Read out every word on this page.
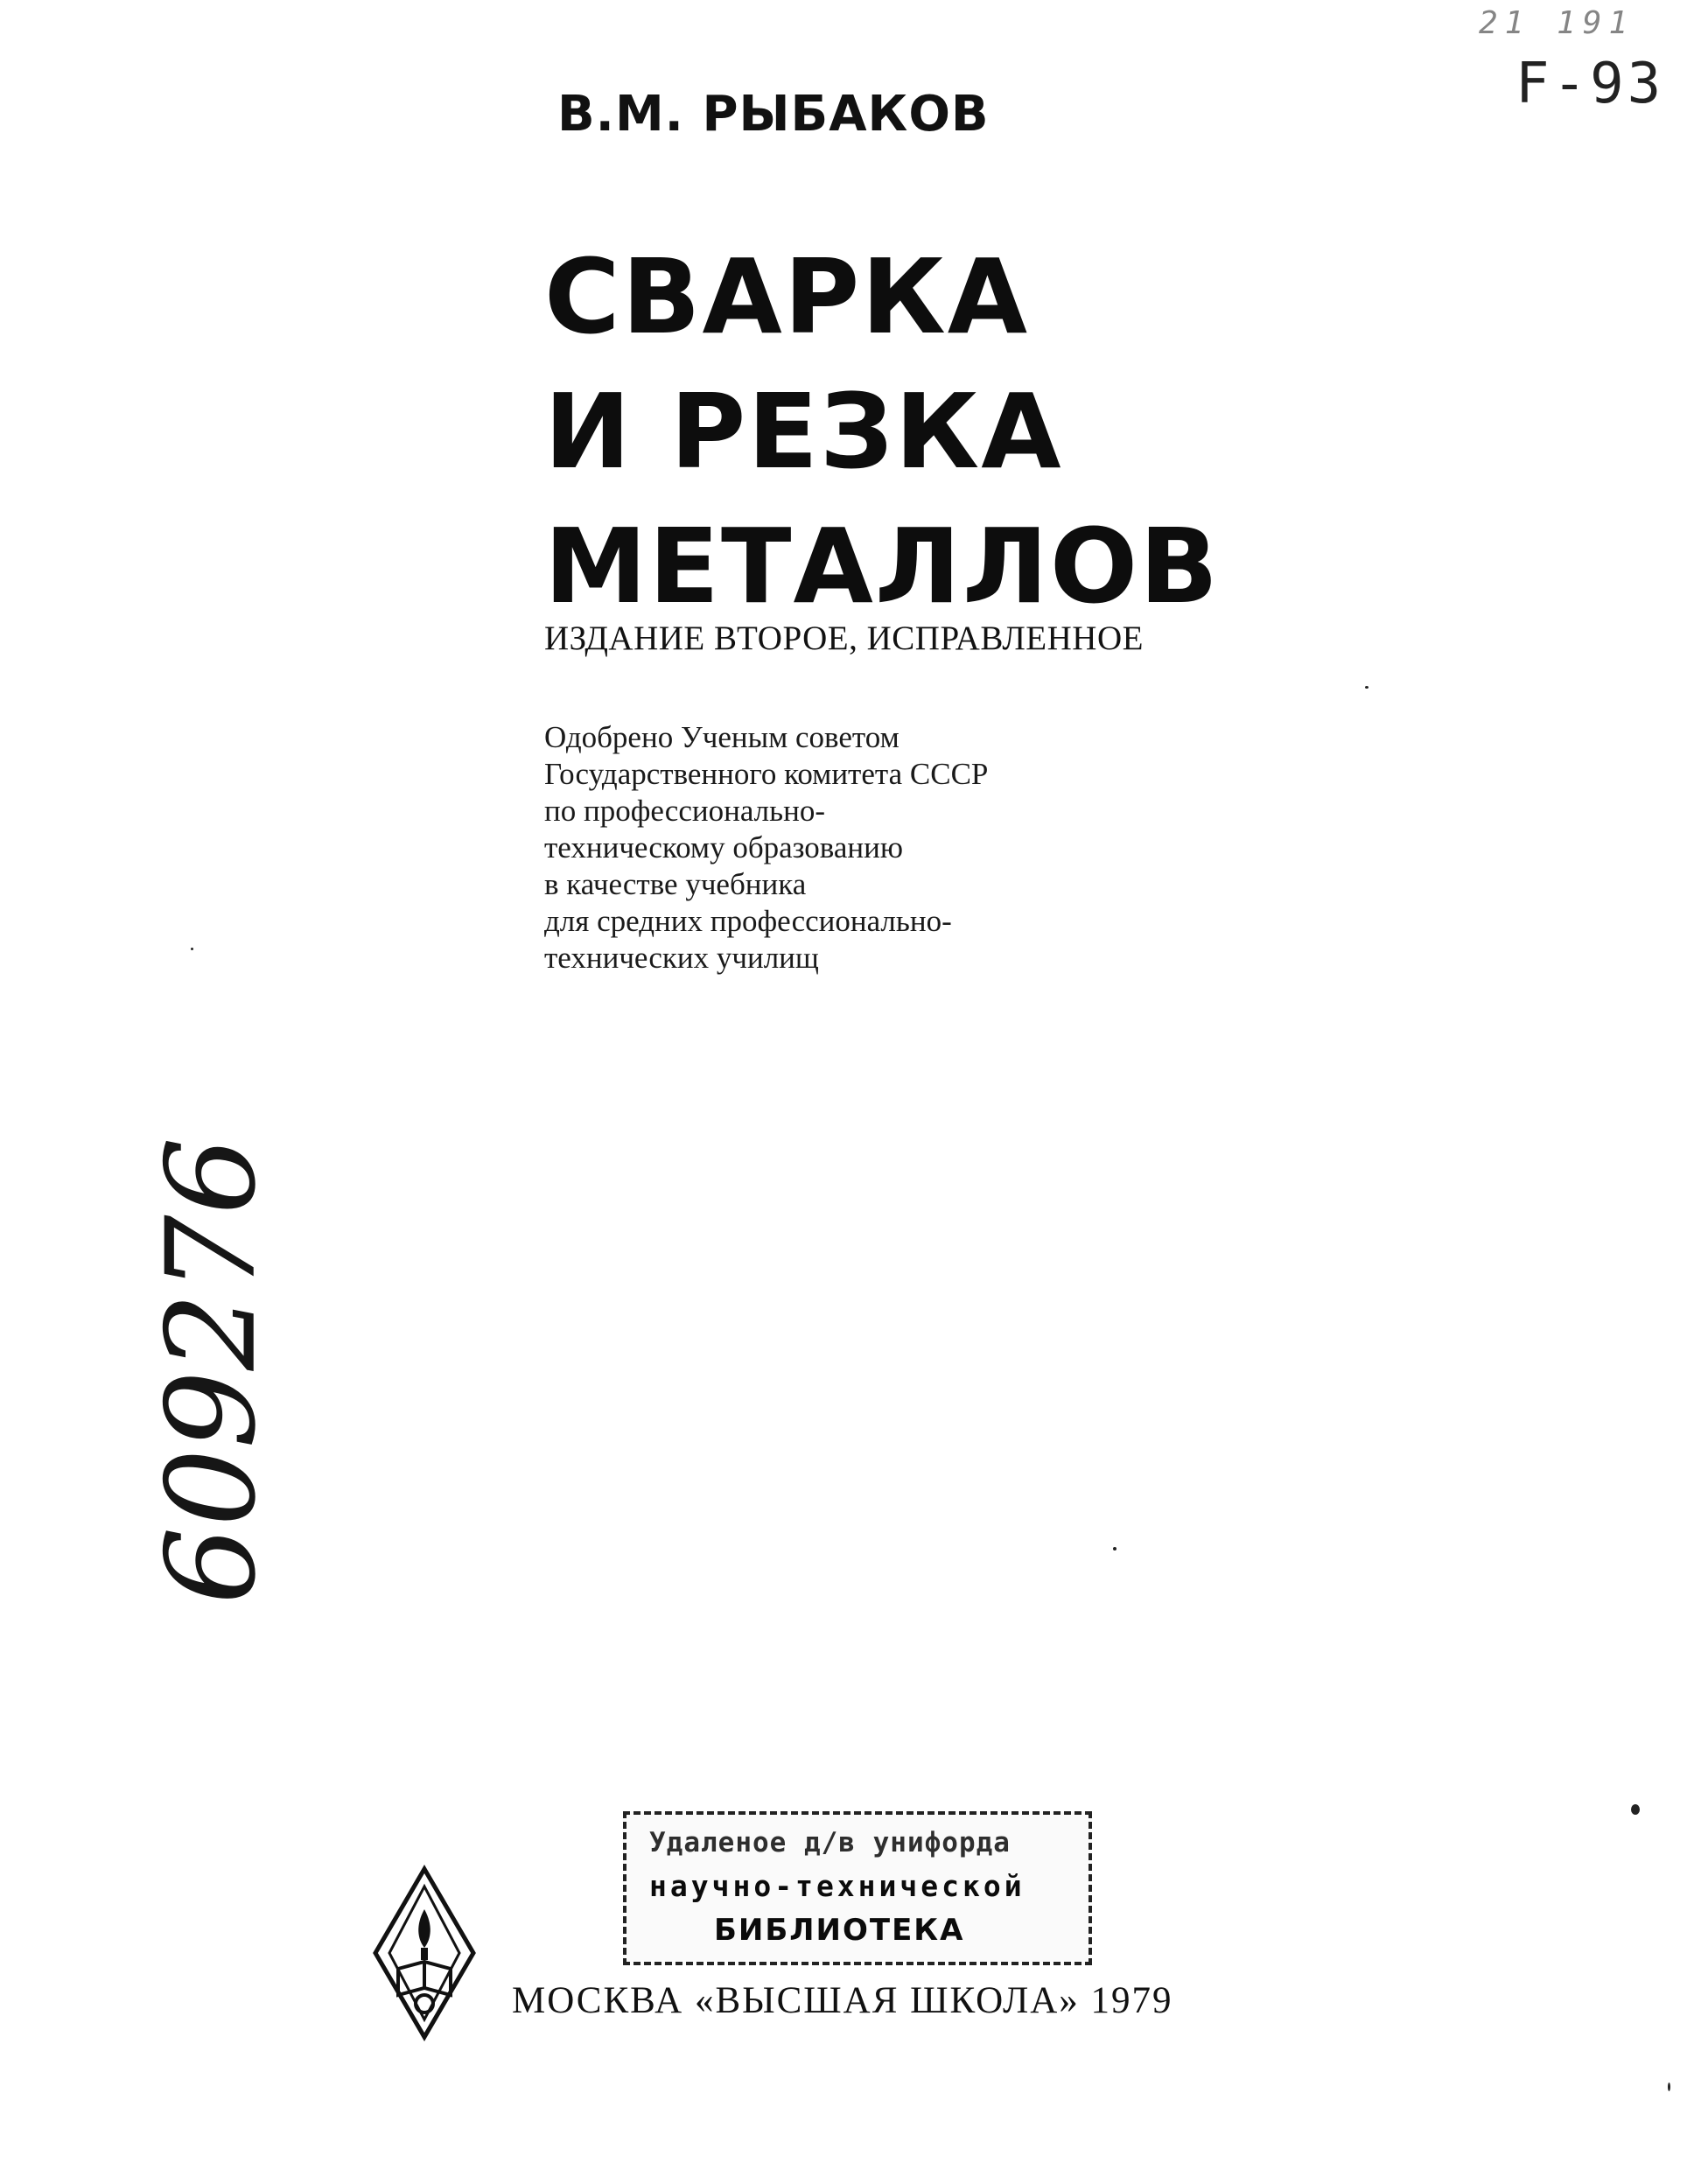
21 191
F-93
В.М. РЫБАКОВ
СВАРКА
И РЕЗКА
МЕТАЛЛОВ
ИЗДАНИЕ ВТОРОЕ, ИСПРАВЛЕННОЕ
Одобрено Ученым советом
Государственного комитета СССР
по профессионально-
техническому образованию
в качестве учебника
для средних профессионально-
технических училищ
609276
Удаленое д/в унифорда
научно-технической
БИБЛИОТЕКА
МОСКВА «ВЫСШАЯ ШКОЛА» 1979
